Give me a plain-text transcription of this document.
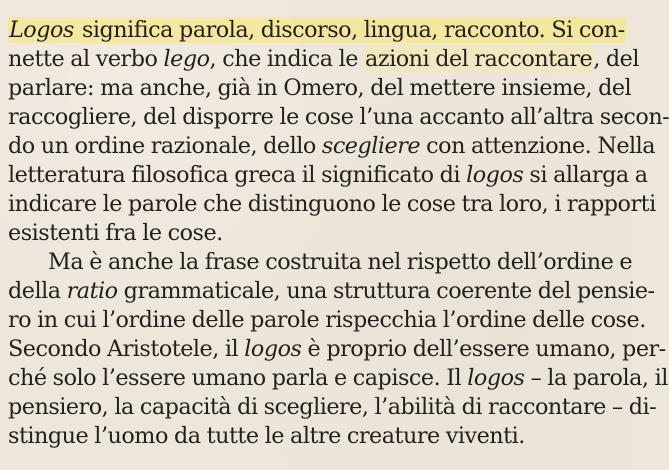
Logos significa parola, discorso, lingua, racconto. Si con-
nette al verbo lego, che indica le azioni del raccontare, del
parlare: ma anche, già in Omero, del mettere insieme, del
raccogliere, del disporre le cose l’una accanto all’altra secon-
do un ordine razionale, dello scegliere con attenzione. Nella
letteratura filosofica greca il significato di logos si allarga a
indicare le parole che distinguono le cose tra loro, i rapporti
esistenti fra le cose.
Ma è anche la frase costruita nel rispetto dell’ordine e
della ratio grammaticale, una struttura coerente del pensie-
ro in cui l’ordine delle parole rispecchia l’ordine delle cose.
Secondo Aristotele, il logos è proprio dell’essere umano, per-
ché solo l’essere umano parla e capisce. Il logos – la parola, il
pensiero, la capacità di scegliere, l’abilità di raccontare – di-
stingue l’uomo da tutte le altre creature viventi.
